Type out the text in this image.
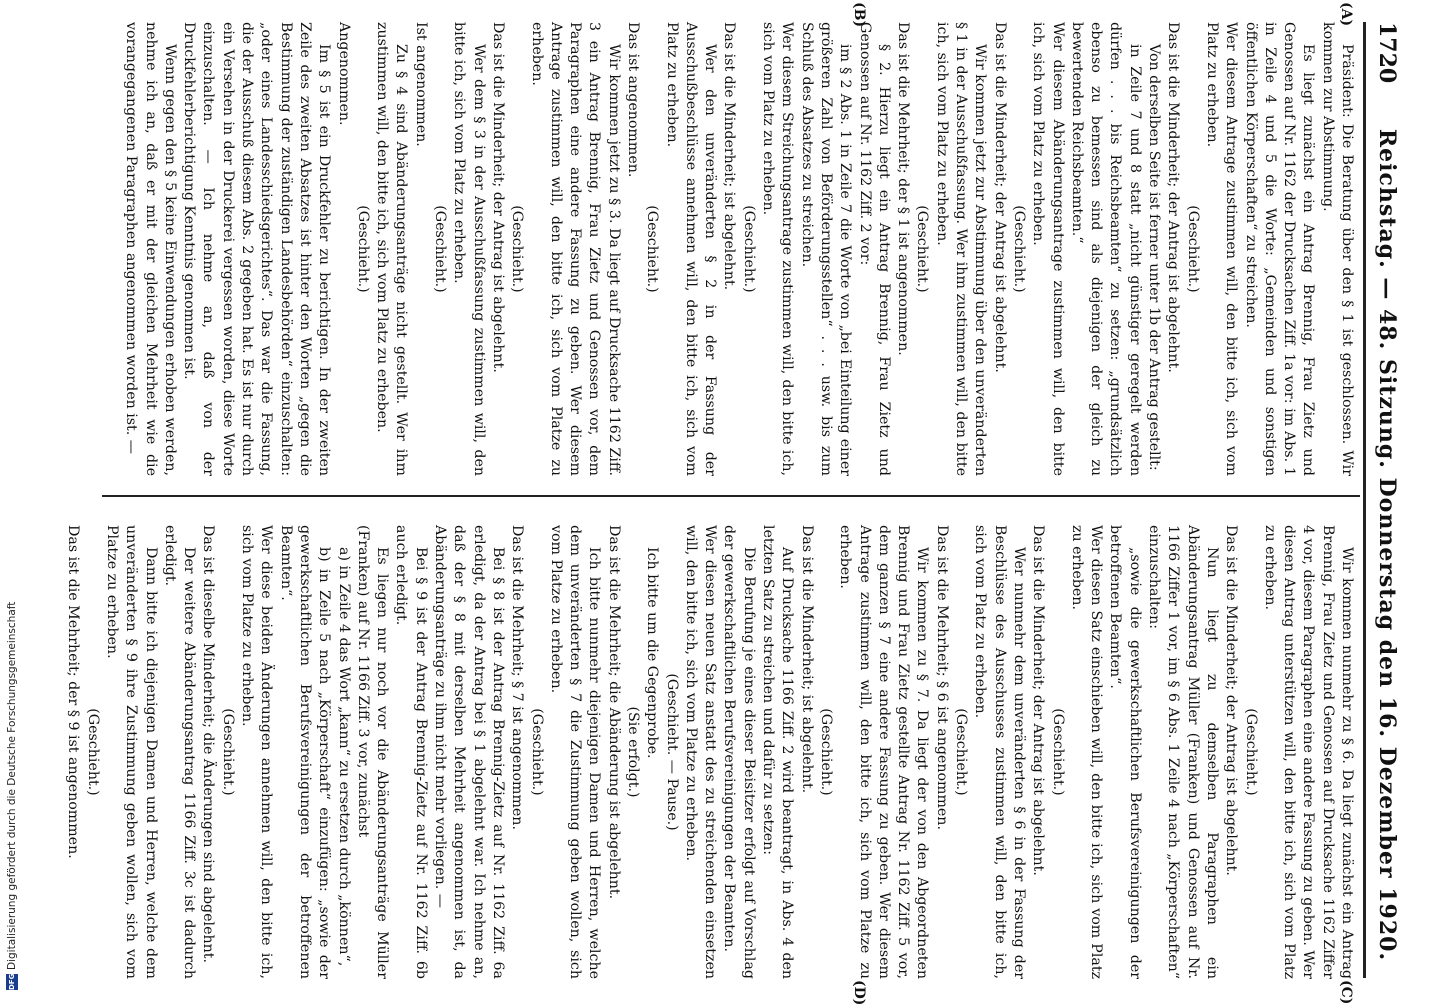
1720
Reichstag. — 48. Sitzung. Donnerstag den 16. Dezember 1920.
(A)
(B)
(C)
(D)

Präsident: Die Beratung über den § 1 ist geschlossen. Wir kommen zur Abstimmung.

Es liegt zunächst ein Antrag Brennig, Frau Zietz und Genossen auf Nr. 1162 der Drucksachen Ziff. 1a vor: im Abs. 1 in Zeile 4 und 5 die Worte: „Gemeinden und sonstigen öffentlichen Körperschaften“ zu streichen.

Wer diesem Antrage zustimmen will, den bitte ich, sich vom Platz zu erheben.

(Geschieht.)

Das ist die Minderheit; der Antrag ist abgelehnt.

Von derselben Seite ist ferner unter 1b der Antrag gestellt:

in Zeile 7 und 8 statt „nicht günstiger geregelt werden dürfen . . . bis Reichsbeamten“ zu setzen: „grundsätzlich ebenso zu bemessen sind als diejenigen der gleich zu bewertenden Reichsbeamten.“

Wer diesem Abänderungsantrage zustimmen will, den bitte ich, sich vom Platz zu erheben.

(Geschieht.)

Das ist die Minderheit; der Antrag ist abgelehnt.

Wir kommen jetzt zur Abstimmung über den unveränderten § 1 in der Ausschußfassung. Wer ihm zustimmen will, den bitte ich, sich vom Platz zu erheben.

(Geschieht.)

Das ist die Mehrheit; der § 1 ist angenommen.

§ 2. Hierzu liegt ein Antrag Brennig, Frau Zietz und Genossen auf Nr. 1162 Ziff. 2 vor:

im § 2 Abs. 1 in Zeile 7 die Worte von „bei Einteilung einer größeren Zahl von Beförderungsstellen“ . . . usw. bis zum Schluß des Absatzes zu streichen.

Wer diesem Streichungsantrage zustimmen will, den bitte ich, sich vom Platz zu erheben.

(Geschieht.)

Das ist die Minderheit; ist abgelehnt.

Wer den unveränderten § 2 in der Fassung der Ausschußbeschlüsse annehmen will, den bitte ich, sich vom Platz zu erheben.

(Geschieht.)

Das ist angenommen.

Wir kommen jetzt zu § 3. Da liegt auf Drucksache 1162 Ziff. 3 ein Antrag Brennig, Frau Zietz und Genossen vor, dem Paragraphen eine andere Fassung zu geben. Wer diesem Antrage zustimmen will, den bitte ich, sich vom Platze zu erheben.

(Geschieht.)

Das ist die Minderheit; der Antrag ist abgelehnt.

Wer dem § 3 in der Ausschußfassung zustimmen will, den bitte ich, sich vom Platz zu erheben.

(Geschieht.)

Ist angenommen.

Zu § 4 sind Abänderungsanträge nicht gestellt. Wer ihm zustimmen will, den bitte ich, sich vom Platz zu erheben.

(Geschieht.)

Angenommen.

Im § 5 ist ein Druckfehler zu berichtigen. In der zweiten Zeile des zweiten Absatzes ist hinter den Worten „gegen die Bestimmung der zuständigen Landesbehörden“ einzuschalten: „oder eines Landesschiedsgerichtes“. Das war die Fassung, die der Ausschuß diesem Abs. 2 gegeben hat. Es ist nur durch ein Versehen in der Druckerei vergessen worden, diese Worte einzuschalten. — Ich nehme an, daß von der Druckfehlerberichtigung Kenntnis genommen ist.

Wenn gegen den § 5 keine Einwendungen erhoben werden, nehme ich an, daß er mit der gleichen Mehrheit wie die vorangegangenen Paragraphen angenommen worden ist. —

Wir kommen nunmehr zu § 6. Da liegt zunächst ein Antrag Brennig, Frau Zietz und Genossen auf Drucksache 1162 Ziffer 4 vor, diesem Paragraphen eine andere Fassung zu geben. Wer diesen Antrag unterstützen will, den bitte ich, sich vom Platz zu erheben.

(Geschieht.)

Das ist die Minderheit; der Antrag ist abgelehnt.

Nun liegt zu demselben Paragraphen ein Abänderungsantrag Müller (Franken) und Genossen auf Nr. 1166 Ziffer 1 vor, im § 6 Abs. 1 Zeile 4 nach „Körperschaften“ einzuschalten:

„sowie die gewerkschaftlichen Berufsvereinigungen der betroffenen Beamten“.

Wer diesen Satz einschieben will, den bitte ich, sich vom Platz zu erheben.

(Geschieht.)

Das ist die Minderheit; der Antrag ist abgelehnt.

Wer nunmehr dem unveränderten § 6 in der Fassung der Beschlüsse des Ausschusses zustimmen will, den bitte ich, sich vom Platz zu erheben.

(Geschieht.)

Das ist die Mehrheit; § 6 ist angenommen.

Wir kommen zu § 7. Da liegt der von den Abgeordneten Brennig und Frau Zietz gestellte Antrag Nr. 1162 Ziff. 5 vor, dem ganzen § 7 eine andere Fassung zu geben. Wer diesem Antrage zustimmen will, den bitte ich, sich vom Platze zu erheben.

(Geschieht.)

Das ist die Minderheit; ist abgelehnt.

Auf Drucksache 1166 Ziff. 2 wird beantragt, in Abs. 4 den letzten Satz zu streichen und dafür zu setzen:

Die Berufung je eines dieser Beisitzer erfolgt auf Vorschlag der gewerkschaftlichen Berufsvereinigungen der Beamten.

Wer diesen neuen Satz anstatt des zu streichenden einsetzen will, den bitte ich, sich vom Platze zu erheben.

(Geschieht. — Pause.)

Ich bitte um die Gegenprobe.

(Sie erfolgt.)

Das ist die Mehrheit; die Abänderung ist abgelehnt.

Ich bitte nunmehr diejenigen Damen und Herren, welche dem unveränderten § 7 die Zustimmung geben wollen, sich vom Platze zu erheben.

(Geschieht.)

Das ist die Mehrheit; § 7 ist angenommen.

Bei § 8 ist der Antrag Brennig-Zietz auf Nr. 1162 Ziff. 6a erledigt, da der Antrag bei § 1 abgelehnt war. Ich nehme an, daß der § 8 mit derselben Mehrheit angenommen ist, da Abänderungsanträge zu ihm nicht mehr vorliegen. —

Bei § 9 ist der Antrag Brennig-Zietz auf Nr. 1162 Ziff. 6b auch erledigt.

Es liegen nur noch vor die Abänderungsanträge Müller (Franken) auf Nr. 1166 Ziff. 3 vor, zunächst

a) in Zeile 4 das Wort „kann“ zu ersetzen durch „können“,

b) in Zeile 5 nach „Körperschaft“ einzufügen: „sowie der gewerkschaftlichen Berufsvereinigungen der betroffenen Beamten“.

Wer diese beiden Änderungen annehmen will, den bitte ich, sich vom Platze zu erheben.

(Geschieht.)

Das ist dieselbe Minderheit; die Änderungen sind abgelehnt.

Der weitere Abänderungsantrag 1166 Ziff. 3c ist dadurch erledigt.

Dann bitte ich diejenigen Damen und Herren, welche dem unveränderten § 9 ihre Zustimmung geben wollen, sich vom Platze zu erheben.

(Geschieht.)

Das ist die Mehrheit; der § 9 ist angenommen.

DFG
Digitalisierung gefördert durch die Deutsche Forschungsgemeinschaft
